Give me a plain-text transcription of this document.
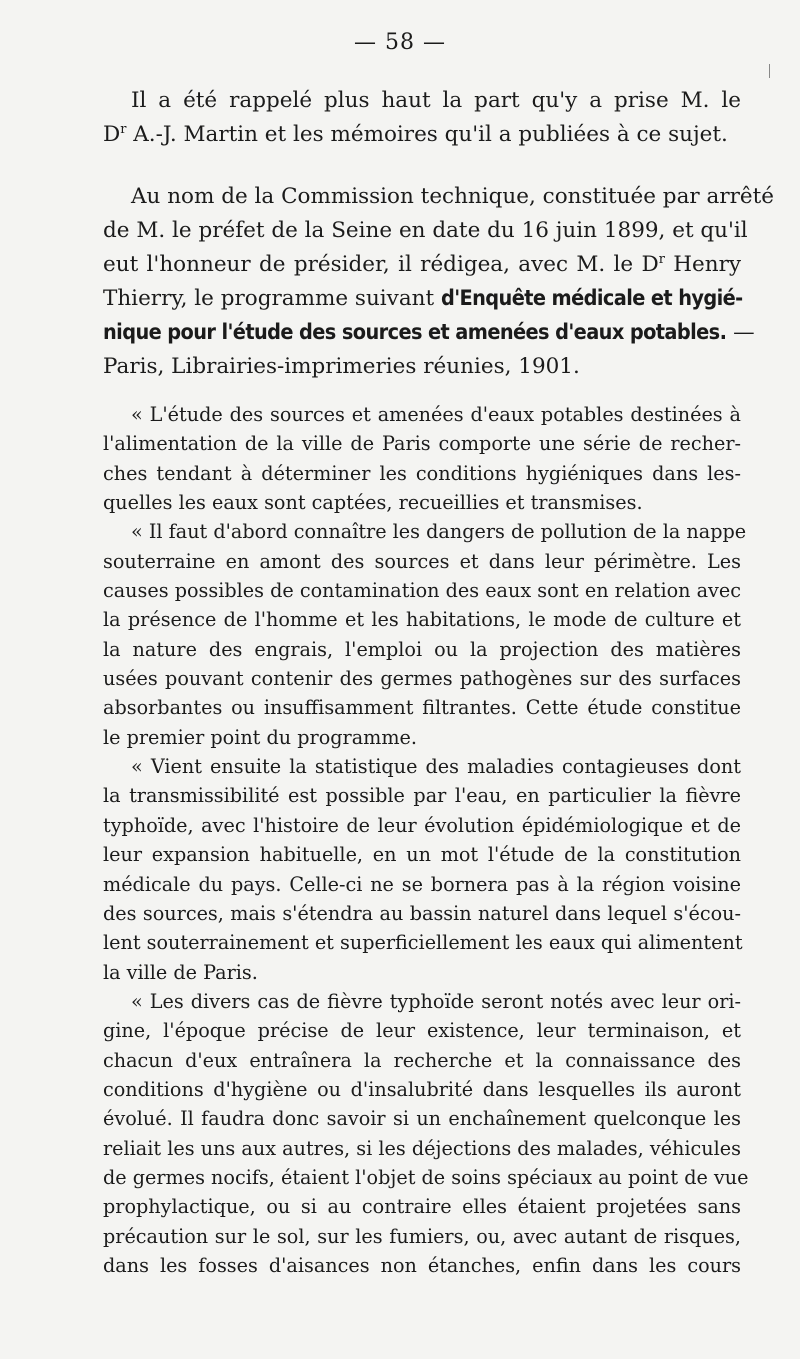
— 58 —
Il a été rappelé plus haut la part qu'y a prise M. le
$D^r$ A.-J. Martin et les mémoires qu'il a publiées à ce sujet.
Au nom de la Commission technique, constituée par arrêté
de M. le préfet de la Seine en date du 16 juin 1899, et qu'il
eut l'honneur de présider, il rédigea, avec M. le $D^r$ Henry
Thierry, le programme suivant d'Enquête médicale et hygié-
nique pour l'étude des sources et amenées d'eaux potables. —
Paris, Librairies-imprimeries réunies, 1901.
« L'étude des sources et amenées d'eaux potables destinées à
l'alimentation de la ville de Paris comporte une série de recher-
ches tendant à déterminer les conditions hygiéniques dans les-
quelles les eaux sont captées, recueillies et transmises.
« Il faut d'abord connaître les dangers de pollution de la nappe
souterraine en amont des sources et dans leur périmètre. Les
causes possibles de contamination des eaux sont en relation avec
la présence de l'homme et les habitations, le mode de culture et
la nature des engrais, l'emploi ou la projection des matières
usées pouvant contenir des germes pathogènes sur des surfaces
absorbantes ou insuffisamment filtrantes. Cette étude constitue
le premier point du programme.
« Vient ensuite la statistique des maladies contagieuses dont
la transmissibilité est possible par l'eau, en particulier la fièvre
typhoïde, avec l'histoire de leur évolution épidémiologique et de
leur expansion habituelle, en un mot l'étude de la constitution
médicale du pays. Celle-ci ne se bornera pas à la région voisine
des sources, mais s'étendra au bassin naturel dans lequel s'écou-
lent souterrainement et superficiellement les eaux qui alimentent
la ville de Paris.
« Les divers cas de fièvre typhoïde seront notés avec leur ori-
gine, l'époque précise de leur existence, leur terminaison, et
chacun d'eux entraînera la recherche et la connaissance des
conditions d'hygiène ou d'insalubrité dans lesquelles ils auront
évolué. Il faudra donc savoir si un enchaînement quelconque les
reliait les uns aux autres, si les déjections des malades, véhicules
de germes nocifs, étaient l'objet de soins spéciaux au point de vue
prophylactique, ou si au contraire elles étaient projetées sans
précaution sur le sol, sur les fumiers, ou, avec autant de risques,
dans les fosses d'aisances non étanches, enfin dans les cours
